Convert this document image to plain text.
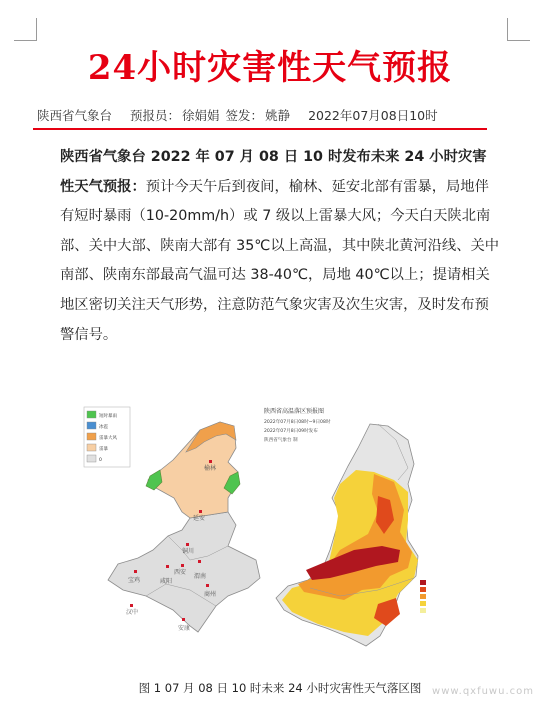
24小时灾害性天气预报
陕西省气象台 预报员： 徐娟娟 签发： 姚静 2022年07月08日10时
陕西省气象台 2022 年 07 月 08 日 10 时发布未来 24 小时灾害性天气预报：预计今天午后到夜间，榆林、延安北部有雷暴，局地伴有短时暴雨（10-20mm/h）或 7 级以上雷暴大风；今天白天陕北南部、关中大部、陕南大部有 35℃以上高温，其中陕北黄河沿线、关中南部、陕南东部最高气温可达 38-40℃，局地 40℃以上；提请相关地区密切关注天气形势，注意防范气象灾害及次生灾害，及时发布预警信号。
短时暴雨
冰雹
雷暴大风
雷暴
0
榆林
延安
铜川
宝鸡	咸阳
西安
渭南
汉中
商州
安康
陕西省高温落区预报图
2022年07月8日08时~9日08时
2022年07月8日09时发布
陕西省气象台 制
图 1 07 月 08 日 10 时未来 24 小时灾害性天气落区图	www.qxfuwu.com
